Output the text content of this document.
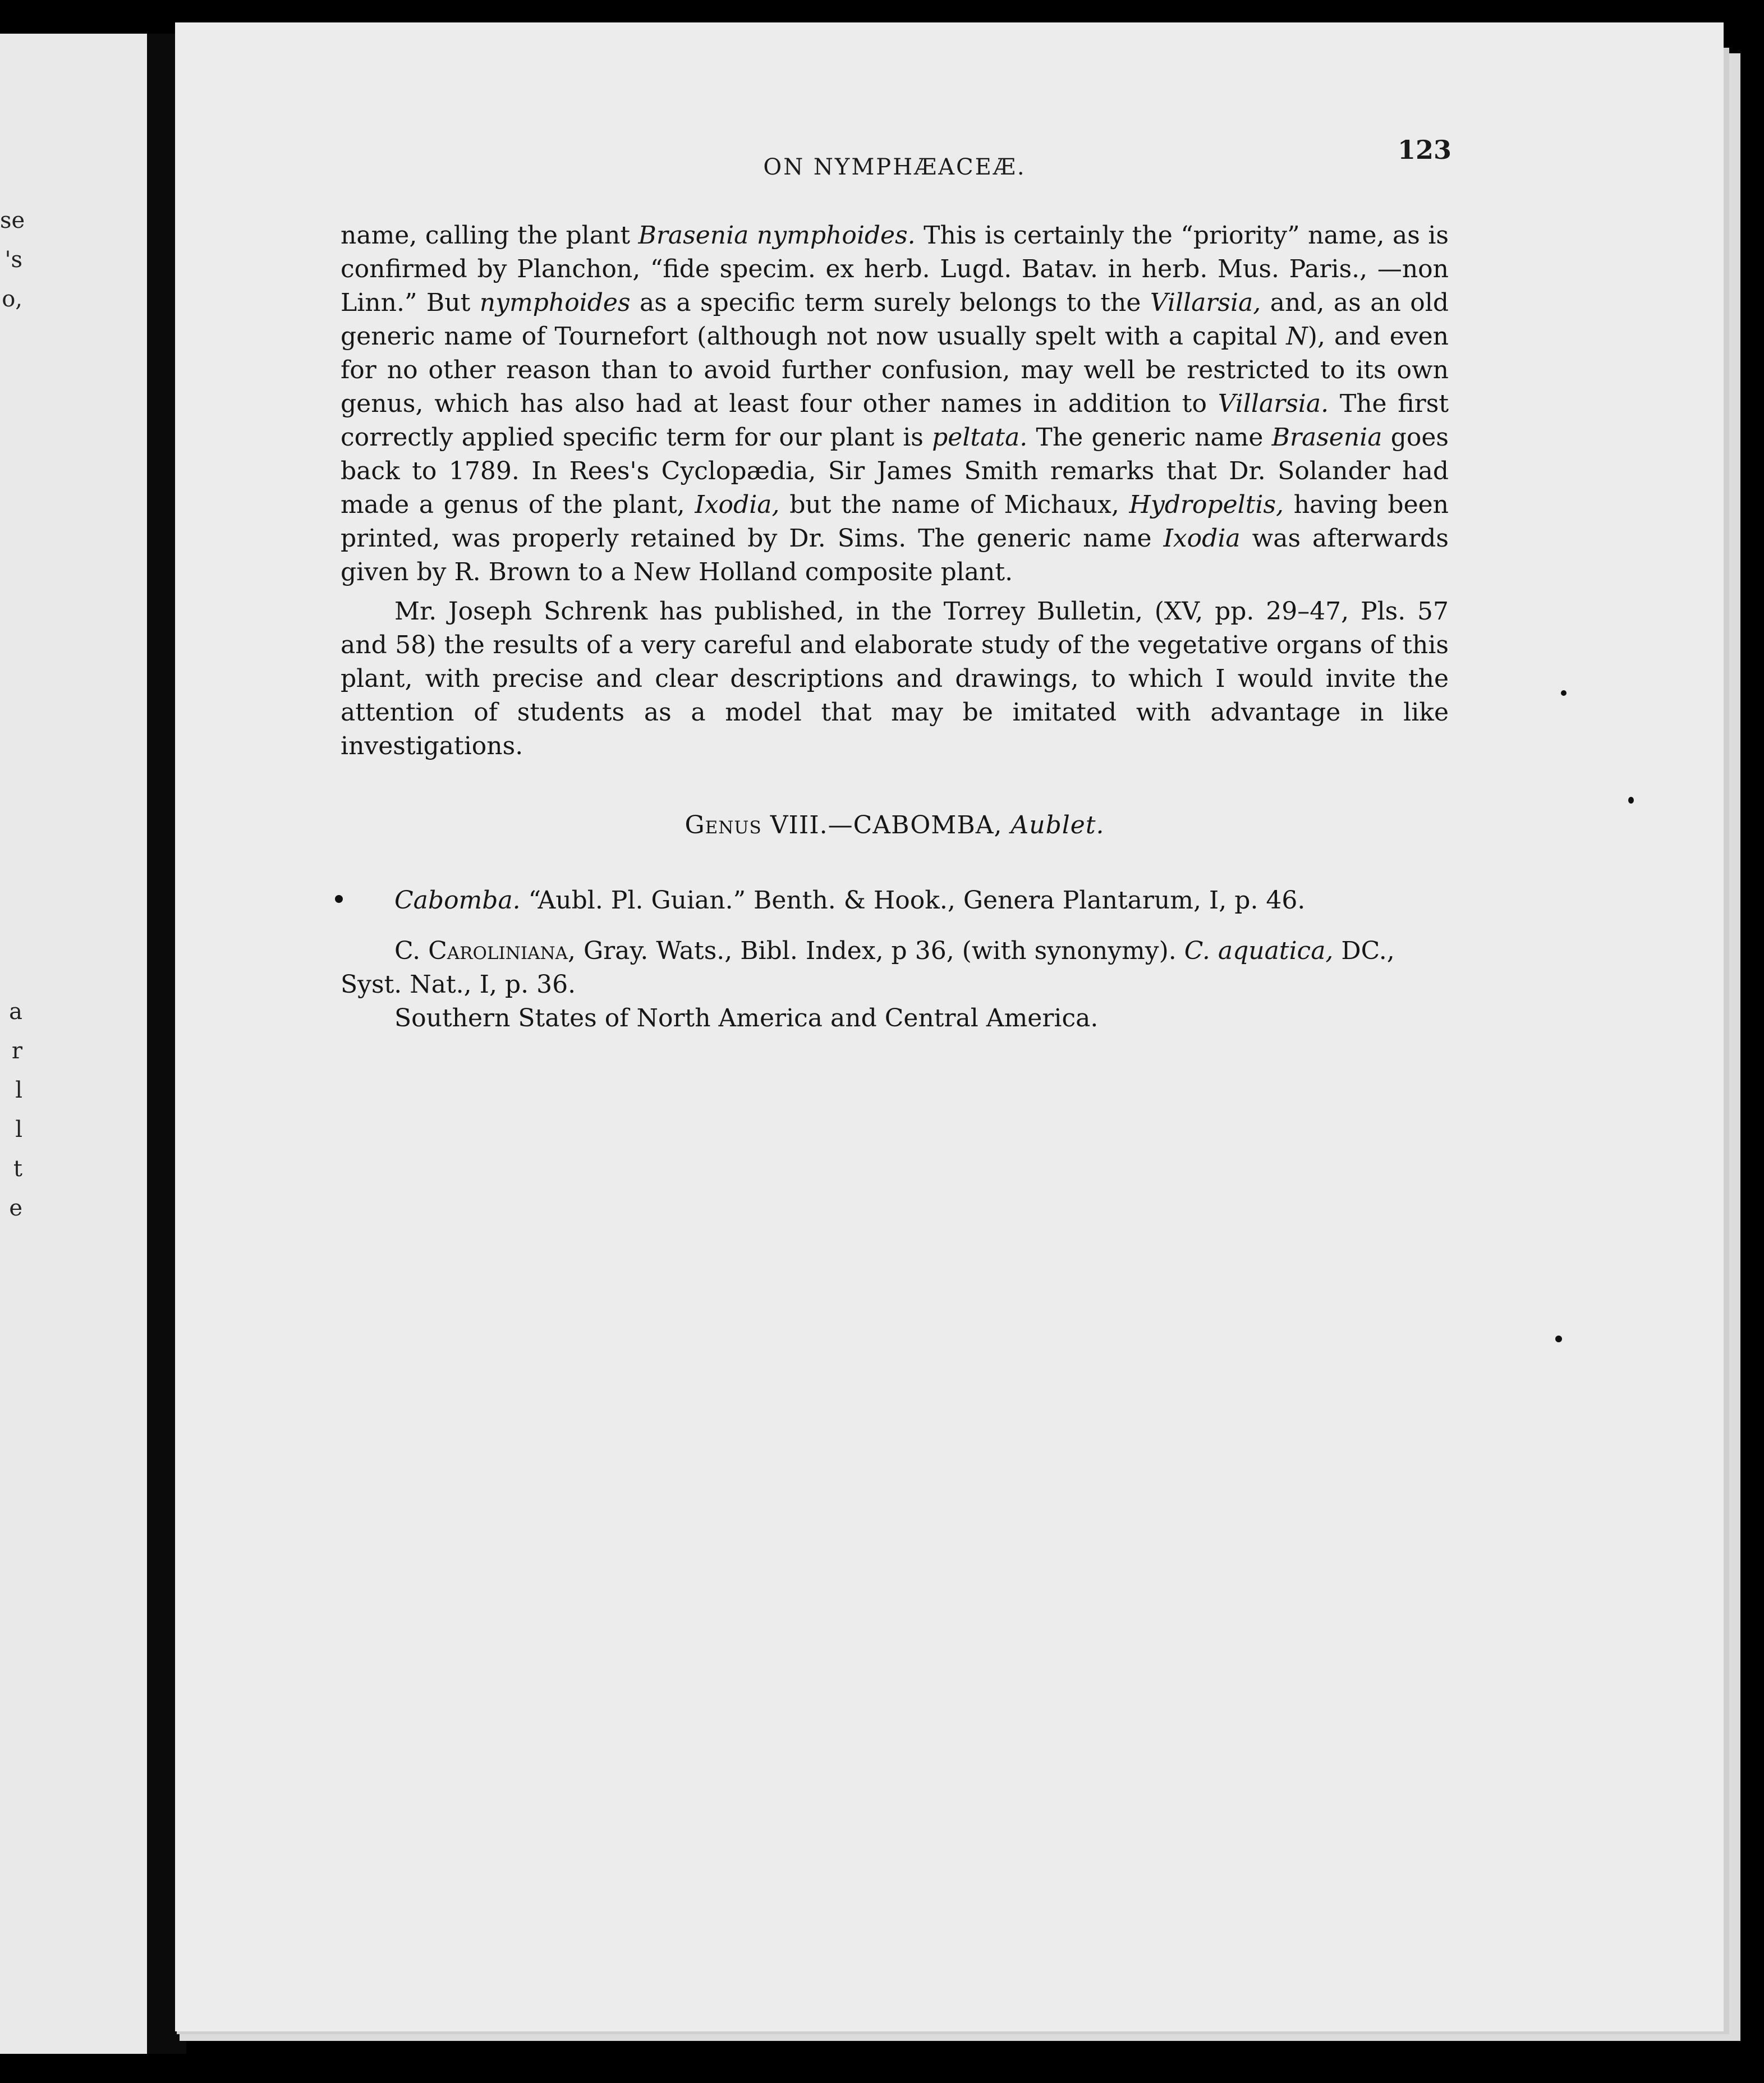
se
's
o,
a
r
l
l
t
e
ON NYMPHÆACEÆ.
123

name, calling the plant Brasenia nymphoides. This is certainly the “priority” name, as is confirmed by Planchon, “fide specim. ex herb. Lugd. Batav. in herb. Mus. Paris., —non Linn.” But nymphoides as a specific term surely belongs to the Villarsia, and, as an old generic name of Tournefort (although not now usually spelt with a capital N), and even for no other reason than to avoid further confusion, may well be restricted to its own genus, which has also had at least four other names in addition to Villarsia. The first correctly applied specific term for our plant is peltata. The generic name Brasenia goes back to 1789. In Rees's Cyclopædia, Sir James Smith remarks that Dr. Solander had made a genus of the plant, Ixodia, but the name of Michaux, Hydropeltis, having been printed, was properly retained by Dr. Sims. The generic name Ixodia was afterwards given by R. Brown to a New Holland composite plant.

Mr. Joseph Schrenk has published, in the Torrey Bulletin, (XV, pp. 29–47, Pls. 57 and 58) the results of a very careful and elaborate study of the vegetative organs of this plant, with precise and clear descriptions and drawings, to which I would invite the attention of students as a model that may be imitated with advantage in like investigations.

Genus VIII.—CABOMBA, Aublet.

Cabomba. “Aubl. Pl. Guian.” Benth. & Hook., Genera Plantarum, I, p. 46.

C. Caroliniana, Gray. Wats., Bibl. Index, p 36, (with synonymy). C. aquatica, DC., Syst. Nat., I, p. 36.

Southern States of North America and Central America.
